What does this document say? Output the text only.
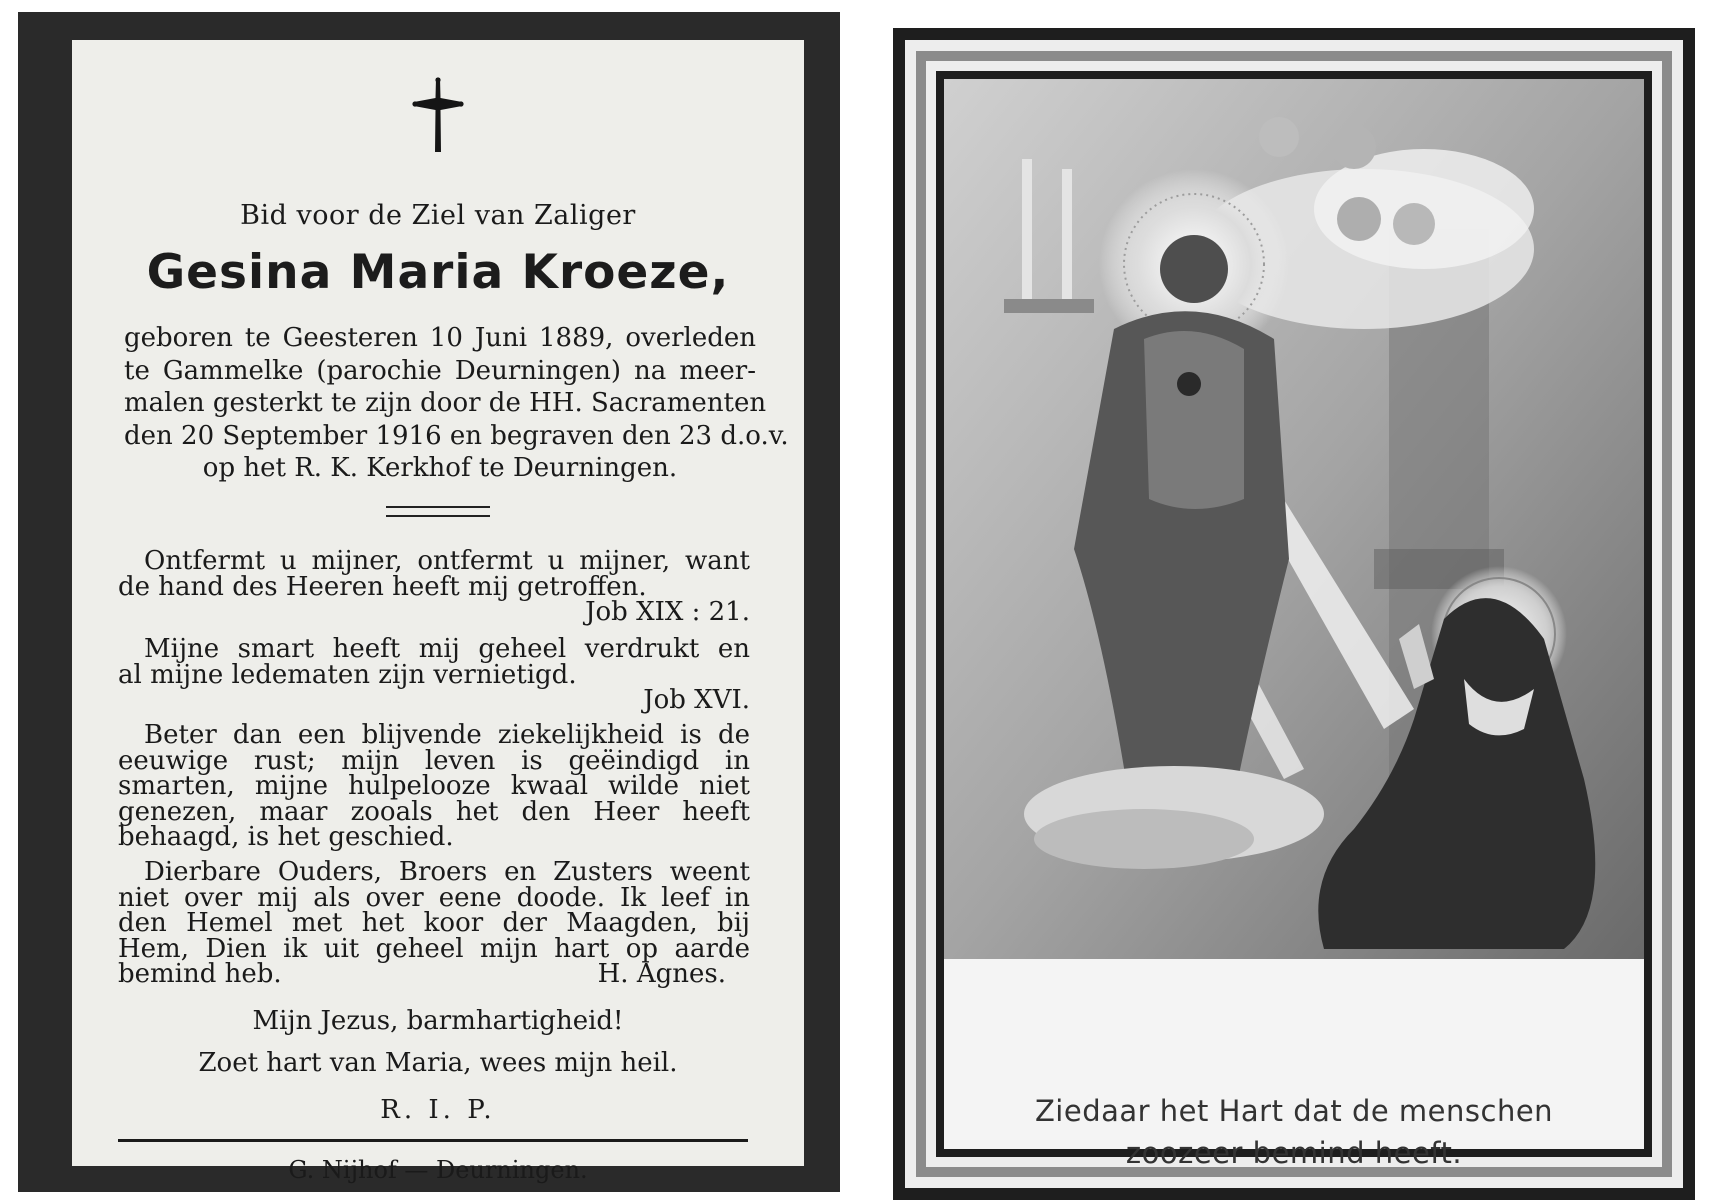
Bid voor de Ziel van Zaliger
Gesina Maria Kroeze,
geboren te Geesteren 10 Juni 1889, overleden
te Gammelke (parochie Deurningen) na meer-
malen gesterkt te zijn door de HH. Sacramenten
den 20 September 1916 en begraven den 23 d.o.v.
op het R. K. Kerkhof te Deurningen.
Ontfermt u mijner, ontfermt u mijner, want
de hand des Heeren heeft mij getroffen.
Job XIX : 21.
Mijne smart heeft mij geheel verdrukt en
al mijne ledematen zijn vernietigd.
Job XVI.
Beter dan een blijvende ziekelijkheid is de
eeuwige rust; mijn leven is geëindigd in
smarten, mijne hulpelooze kwaal wilde niet
genezen, maar zooals het den Heer heeft
behaagd, is het geschied.
Dierbare Ouders, Broers en Zusters weent
niet over mij als over eene doode. Ik leef in
den Hemel met het koor der Maagden, bij
Hem, Dien ik uit geheel mijn hart op aarde
bemind heb.	H. Agnes.
Mijn Jezus, barmhartigheid!
Zoet hart van Maria, wees mijn heil.
R. I. P.
G. Nijhof — Deurningen.
Ziedaar het Hart dat de menschen
zoozeer bemind heeft.
